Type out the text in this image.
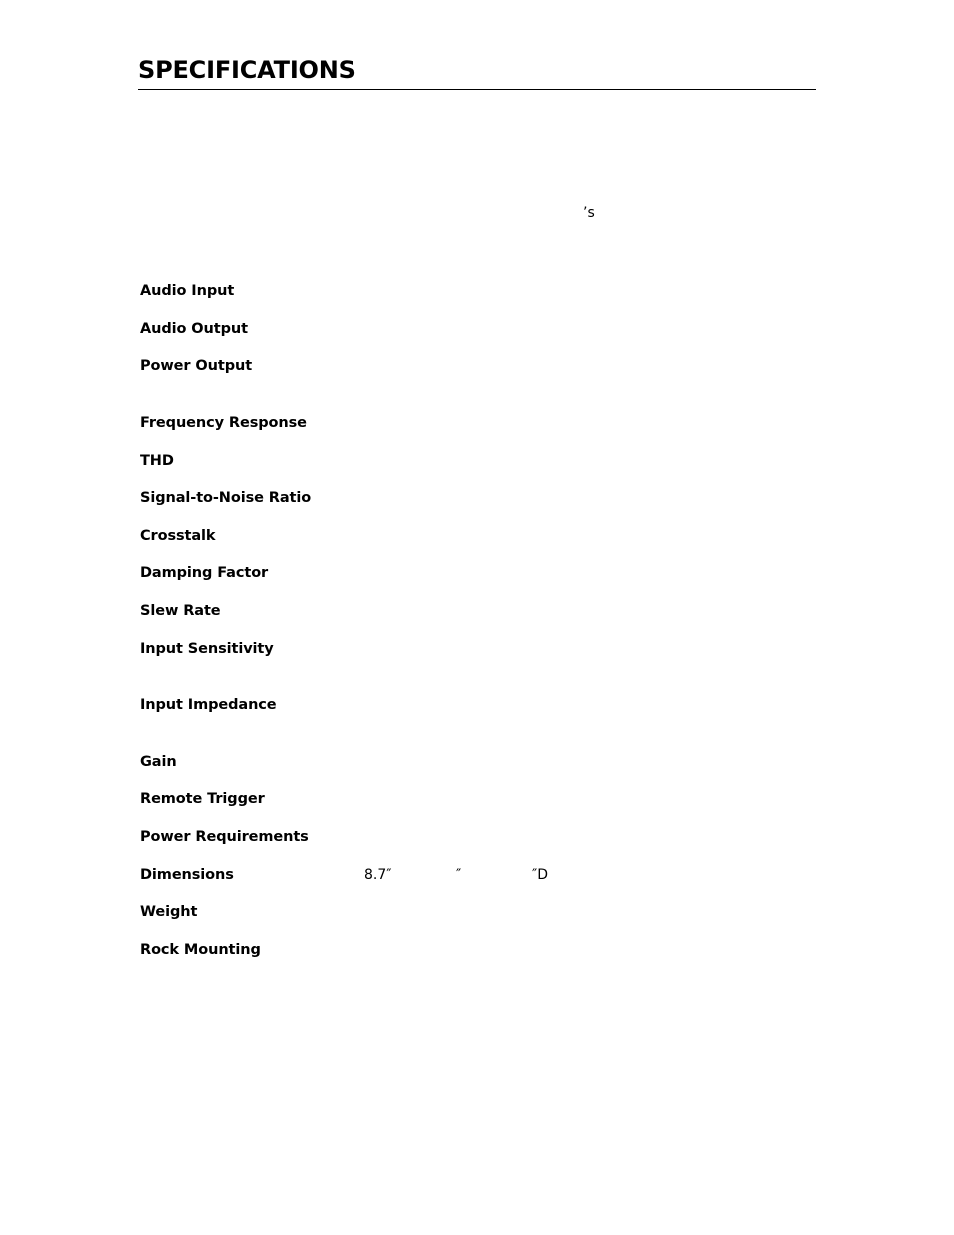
SPECIFICATIONS
’s

Audio Input

Audio Output

Power Output

Frequency Response

THD

Signal-to-Noise Ratio

Crosstalk

Damping Factor

Slew Rate

Input Sensitivity

Input Impedance

Gain

Remote Trigger

Power Requirements

Dimensions	8.7″	″	″D

Weight

Rock Mounting
